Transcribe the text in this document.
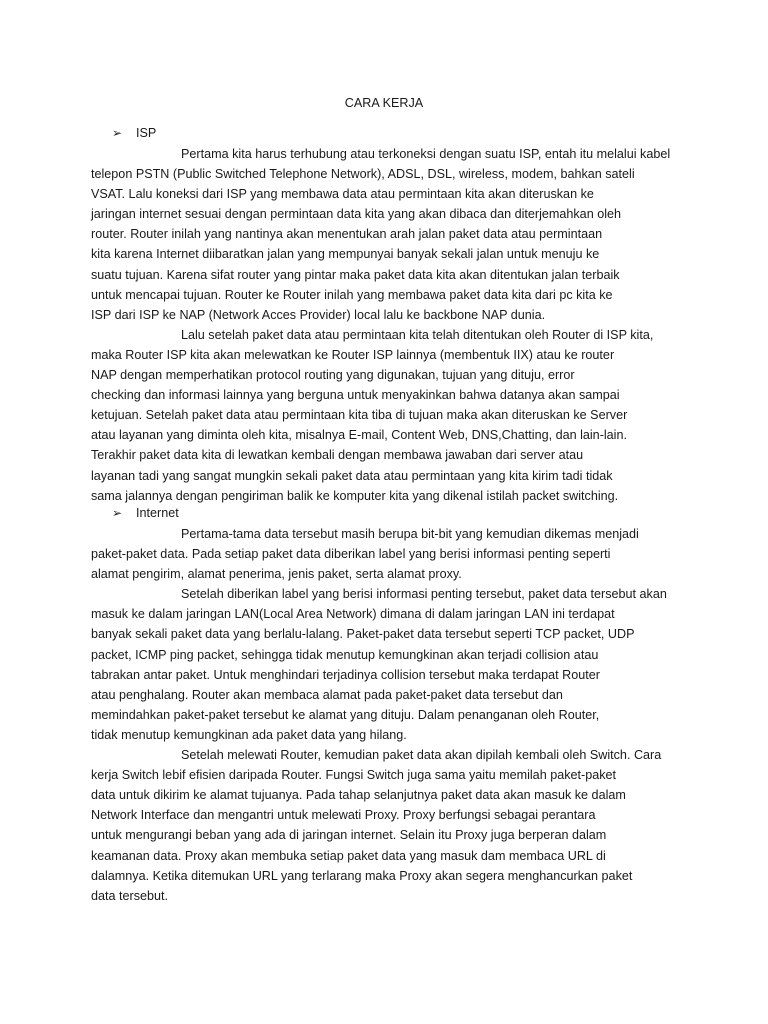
CARA KERJA
➢ ISP
Pertama kita harus terhubung atau terkoneksi dengan suatu ISP, entah itu melalui kabel
telepon PSTN (Public Switched Telephone Network), ADSL, DSL, wireless, modem, bahkan sateli
VSAT. Lalu koneksi dari ISP yang membawa data atau permintaan kita akan diteruskan ke
jaringan internet sesuai dengan permintaan data kita yang akan dibaca dan diterjemahkan oleh
router. Router inilah yang nantinya akan menentukan arah jalan paket data atau permintaan
kita karena Internet diibaratkan jalan yang mempunyai banyak sekali jalan untuk menuju ke
suatu tujuan. Karena sifat router yang pintar maka paket data kita akan ditentukan jalan terbaik
untuk mencapai tujuan. Router ke Router inilah yang membawa paket data kita dari pc kita ke
ISP dari ISP ke NAP (Network Acces Provider) local lalu ke backbone NAP dunia.
Lalu setelah paket data atau permintaan kita telah ditentukan oleh Router di ISP kita,
maka Router ISP kita akan melewatkan ke Router ISP lainnya (membentuk IIX) atau ke router
NAP dengan memperhatikan protocol routing yang digunakan, tujuan yang dituju, error
checking dan informasi lainnya yang berguna untuk menyakinkan bahwa datanya akan sampai
ketujuan. Setelah paket data atau permintaan kita tiba di tujuan maka akan diteruskan ke Server
atau layanan yang diminta oleh kita, misalnya E-mail, Content Web, DNS,Chatting, dan lain-lain.
Terakhir paket data kita di lewatkan kembali dengan membawa jawaban dari server atau
layanan tadi yang sangat mungkin sekali paket data atau permintaan yang kita kirim tadi tidak
sama jalannya dengan pengiriman balik ke komputer kita yang dikenal istilah packet switching.
➢ Internet
Pertama-tama data tersebut masih berupa bit-bit yang kemudian dikemas menjadi
paket-paket data. Pada setiap paket data diberikan label yang berisi informasi penting seperti
alamat pengirim, alamat penerima, jenis paket, serta alamat proxy.
Setelah diberikan label yang berisi informasi penting tersebut, paket data tersebut akan
masuk ke dalam jaringan LAN(Local Area Network) dimana di dalam jaringan LAN ini terdapat
banyak sekali paket data yang berlalu-lalang. Paket-paket data tersebut seperti TCP packet, UDP
packet, ICMP ping packet, sehingga tidak menutup kemungkinan akan terjadi collision atau
tabrakan antar paket. Untuk menghindari terjadinya collision tersebut maka terdapat Router
atau penghalang. Router akan membaca alamat pada paket-paket data tersebut dan
memindahkan paket-paket tersebut ke alamat yang dituju. Dalam penanganan oleh Router,
tidak menutup kemungkinan ada paket data yang hilang.
Setelah melewati Router, kemudian paket data akan dipilah kembali oleh Switch. Cara
kerja Switch lebif efisien daripada Router. Fungsi Switch juga sama yaitu memilah paket-paket
data untuk dikirim ke alamat tujuanya. Pada tahap selanjutnya paket data akan masuk ke dalam
Network Interface dan mengantri untuk melewati Proxy. Proxy berfungsi sebagai perantara
untuk mengurangi beban yang ada di jaringan internet. Selain itu Proxy juga berperan dalam
keamanan data. Proxy akan membuka setiap paket data yang masuk dam membaca URL di
dalamnya. Ketika ditemukan URL yang terlarang maka Proxy akan segera menghancurkan paket
data tersebut.
